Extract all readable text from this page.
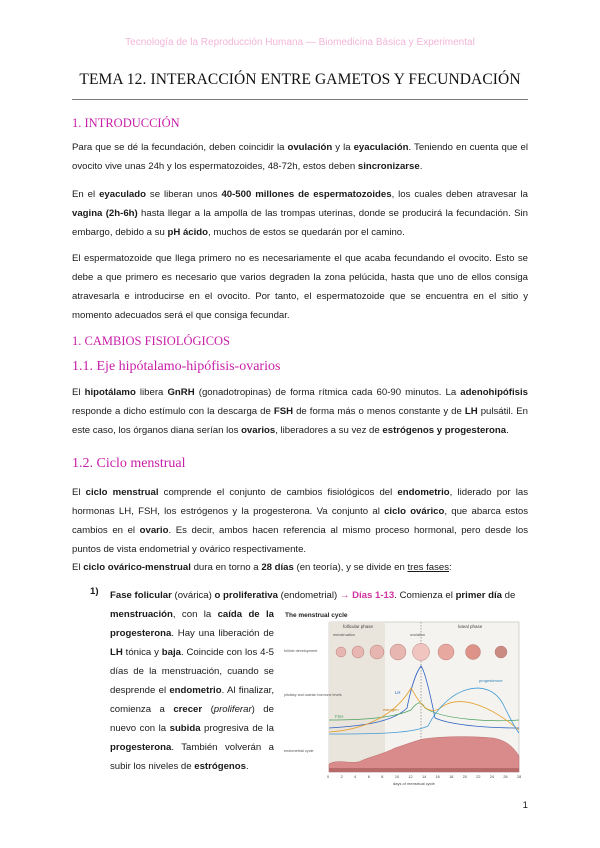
Tecnología de la Reproducción Humana — Biomedicina Básica y Experimental
TEMA 12. INTERACCIÓN ENTRE GAMETOS Y FECUNDACIÓN
1. INTRODUCCIÓN
Para que se dé la fecundación, deben coincidir la ovulación y la eyaculación. Teniendo en cuenta que el ovocito vive unas 24h y los espermatozoides, 48-72h, estos deben sincronizarse.
En el eyaculado se liberan unos 40-500 millones de espermatozoides, los cuales deben atravesar la vagina (2h-6h) hasta llegar a la ampolla de las trompas uterinas, donde se producirá la fecundación. Sin embargo, debido a su pH ácido, muchos de estos se quedarán por el camino.
El espermatozoide que llega primero no es necesariamente el que acaba fecundando el ovocito. Esto se debe a que primero es necesario que varios degraden la zona pelúcida, hasta que uno de ellos consiga atravesarla e introducirse en el ovocito. Por tanto, el espermatozoide que se encuentra en el sitio y momento adecuados será el que consiga fecundar.
1. CAMBIOS FISIOLÓGICOS
1.1. Eje hipótalamo-hipófisis-ovarios
El hipotálamo libera GnRH (gonadotropinas) de forma rítmica cada 60-90 minutos. La adenohipófisis responde a dicho estímulo con la descarga de FSH de forma más o menos constante y de LH pulsátil. En este caso, los órganos diana serían los ovarios, liberadores a su vez de estrógenos y progesterona.
1.2. Ciclo menstrual
El ciclo menstrual comprende el conjunto de cambios fisiológicos del endometrio, liderado por las hormonas LH, FSH, los estrógenos y la progesterona. Va conjunto al ciclo ovárico, que abarca estos cambios en el ovario. Es decir, ambos hacen referencia al mismo proceso hormonal, pero desde los puntos de vista endometrial y ovárico respectivamente.
El ciclo ovárico-menstrual dura en torno a 28 días (en teoría), y se divide en tres fases:
1) Fase folicular (ovárica) o proliferativa (endometrial) → Días 1-13. Comienza el primer día de
menstruación, con la caída de la progesterona. Hay una liberación de LH tónica y baja. Coincide con los 4-5 días de la menstruación, cuando se desprende el endometrio. Al finalizar, comienza a crecer (proliferar) de nuevo con la subida progresiva de la progesterona. También volverán a subir los niveles de estrógenos.
The menstrual cycle
follicular phase	luteal phase
menstruation	ovulation
follicle development
pituitary and ovarian hormone levels	LH
FSH
estrogen
progesterone
endometrial cycle
0	2	4	6	8	10 12 14 16 18 20 22 24 26 28
days of menstrual cycle
1
